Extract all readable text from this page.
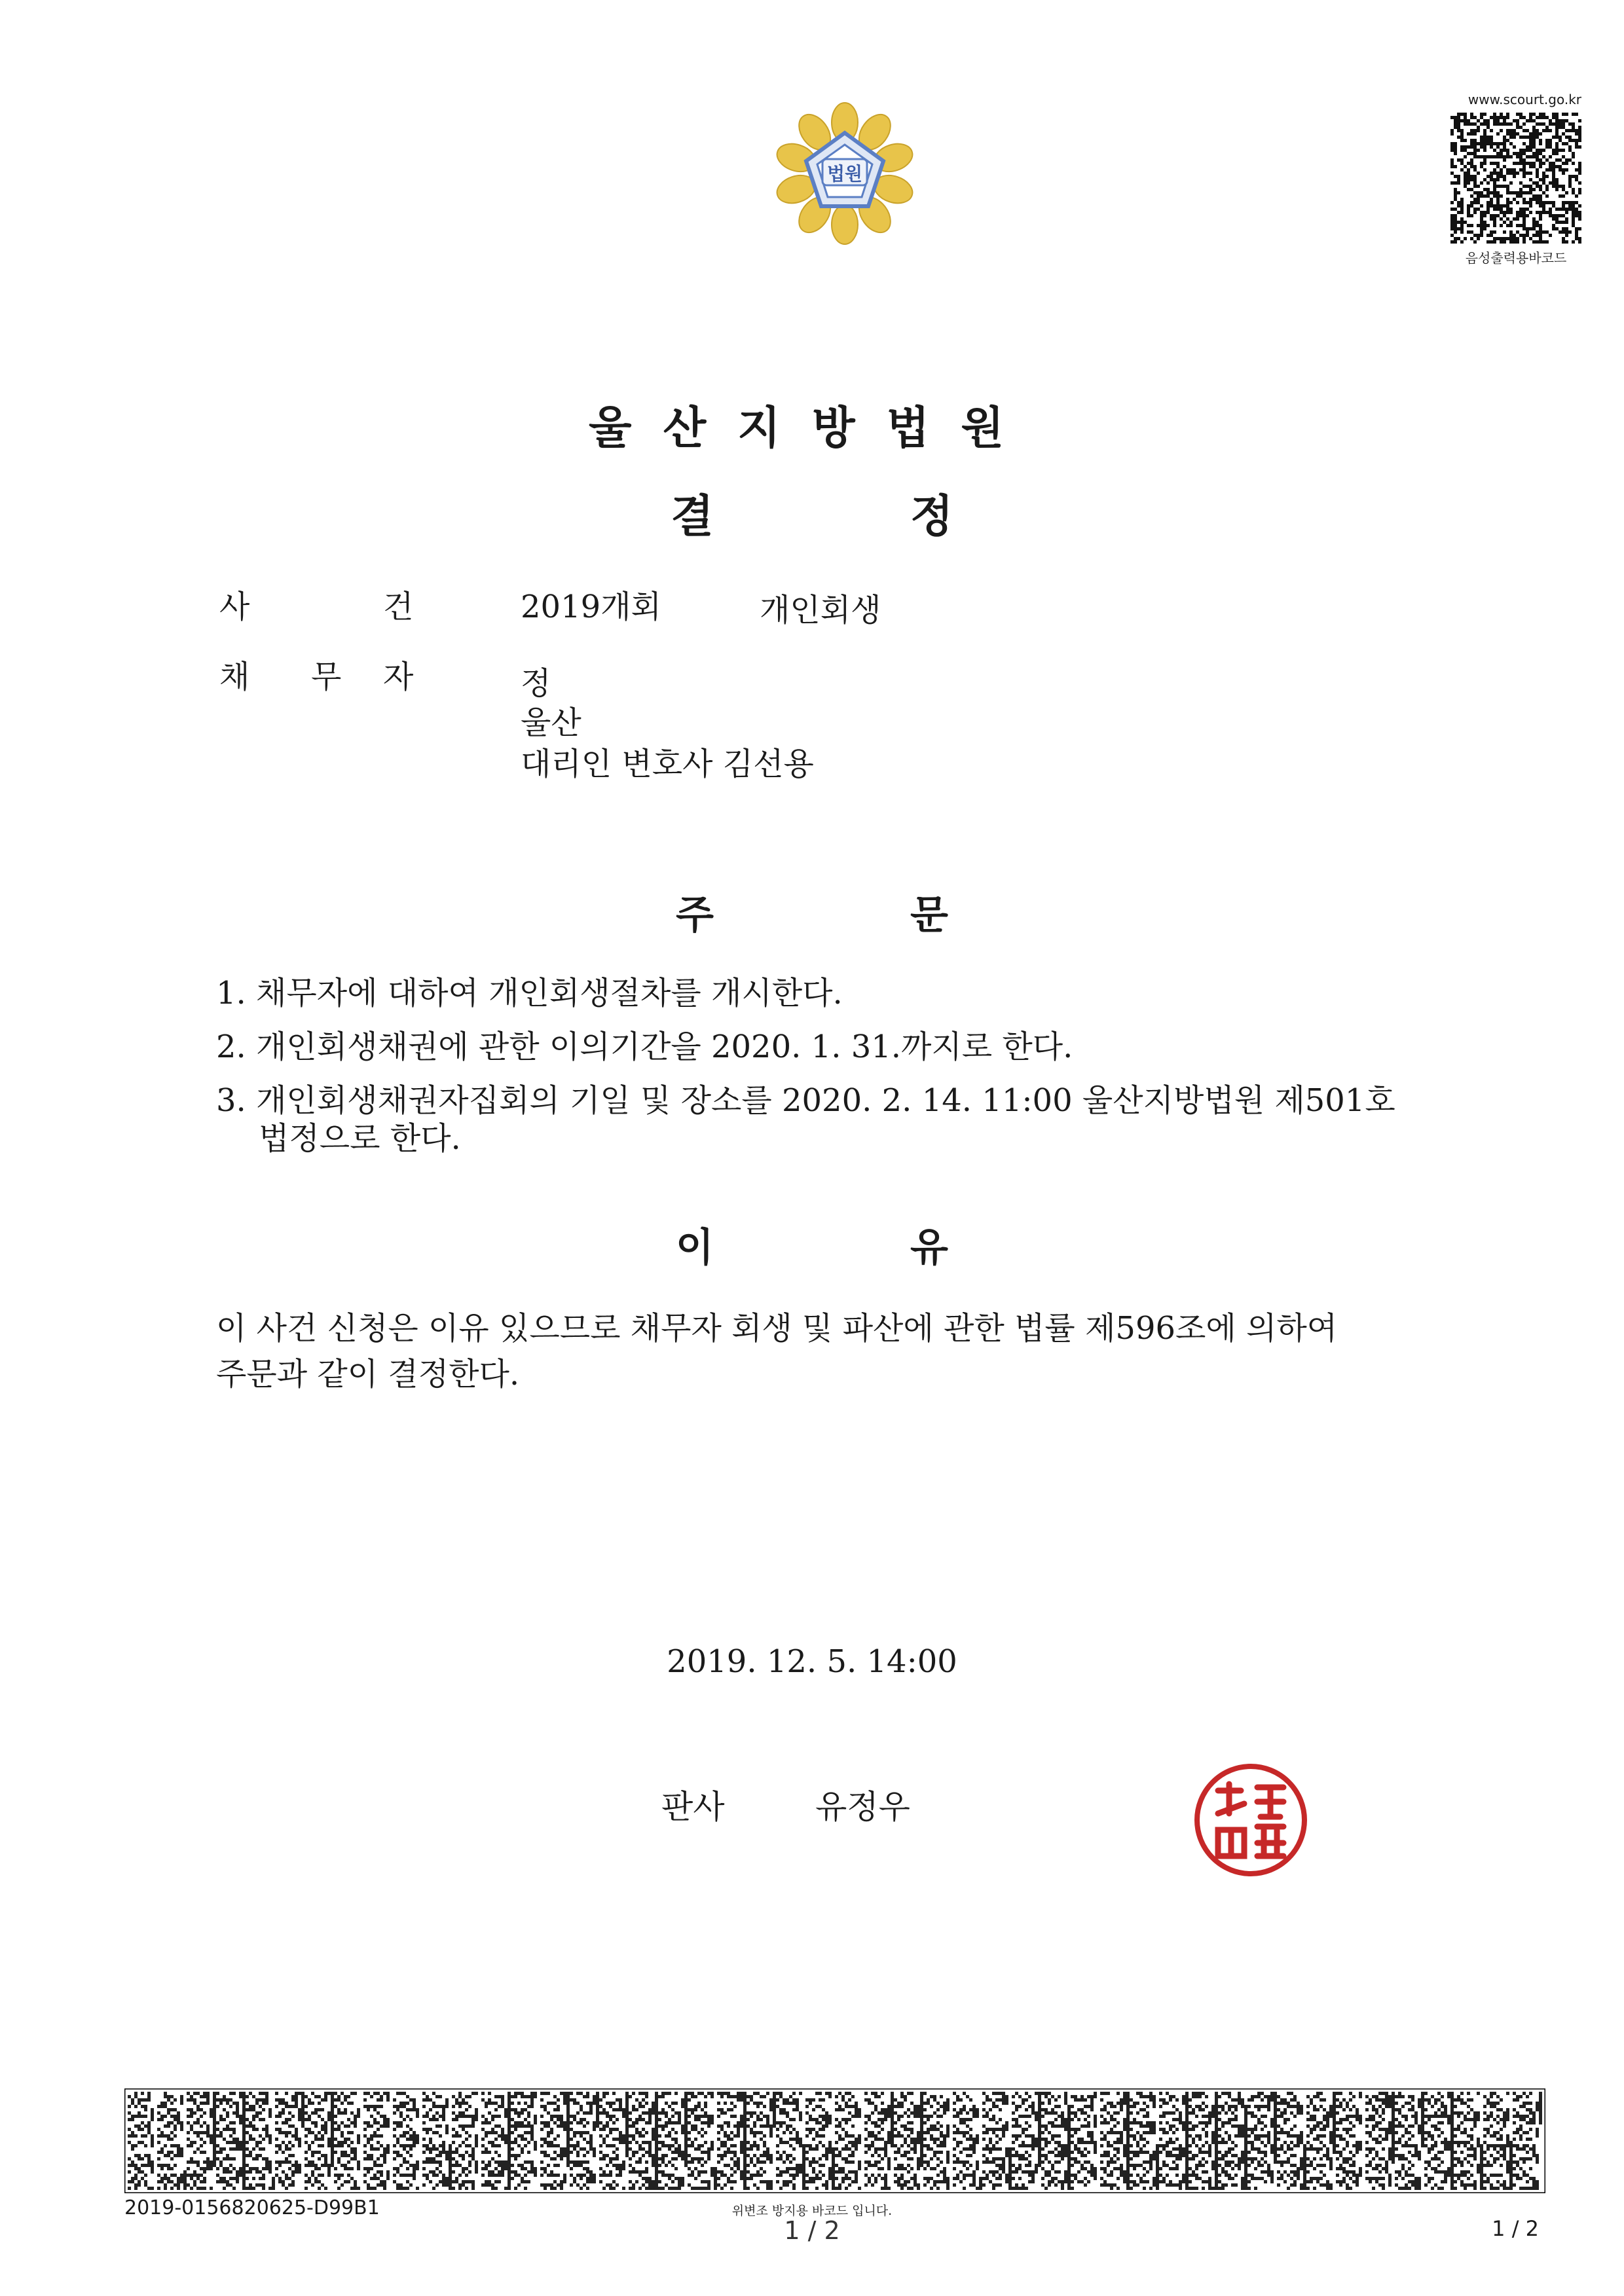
법원
www.scourt.go.kr
음성출력용바코드
울산지방법원
결	정
사	건	2019개회	개인회생
채 무 자	정
울산
대리인 변호사 김선용
주	문
1. 채무자에 대하여 개인회생절차를 개시한다.
2. 개인회생채권에 관한 이의기간을 2020. 1. 31.까지로 한다.
3. 개인회생채권자집회의 기일 및 장소를 2020. 2. 14. 11:00 울산지방법원 제501호
법정으로 한다.
이	유
이 사건 신청은 이유 있으므로 채무자 회생 및 파산에 관한 법률 제596조에 의하여
주문과 같이 결정한다.
2019. 12. 5. 14:00
판사	유정우
2019-0156820625-D99B1	위변조 방지용 바코드 입니다.
1 / 2	1 / 2
